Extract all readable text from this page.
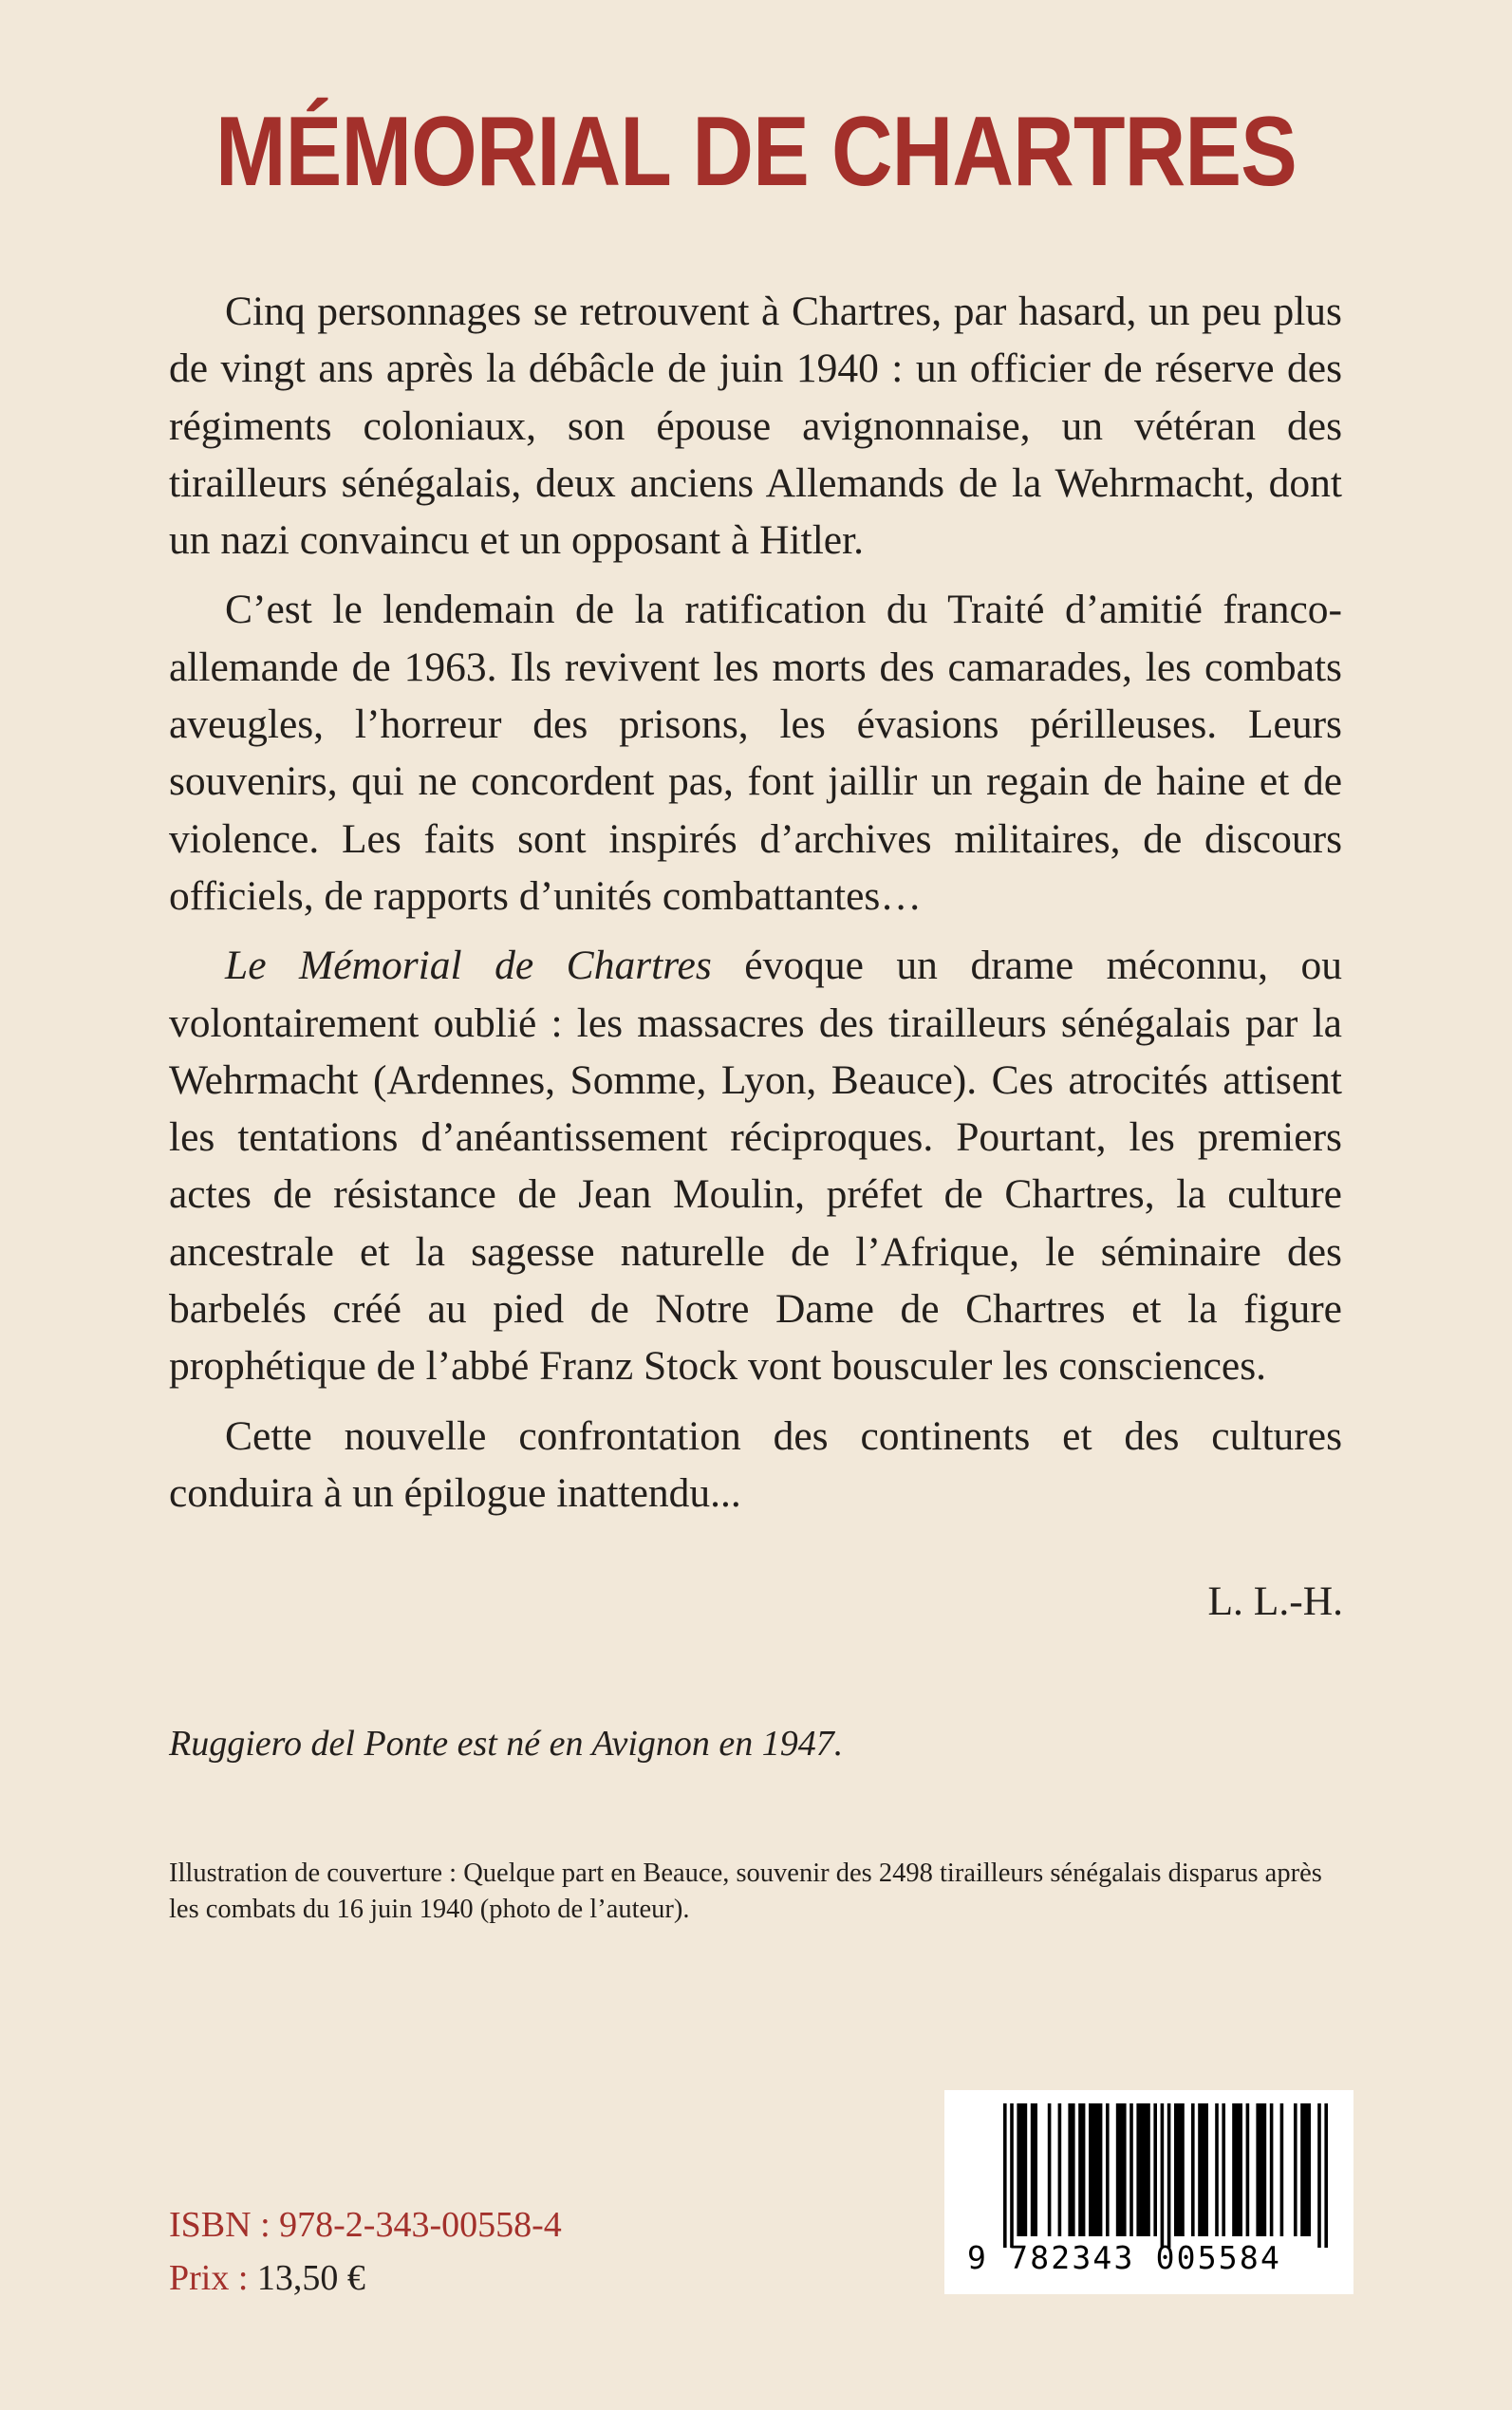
MÉMORIAL DE CHARTRES

Cinq personnages se retrouvent à Chartres, par hasard, un peu plus de vingt ans après la débâcle de juin 1940 : un officier de réserve des régiments coloniaux, son épouse avignonnaise, un vétéran des tirailleurs sénégalais, deux anciens Allemands de la Wehrmacht, dont un nazi convaincu et un opposant à Hitler.

C’est le lendemain de la ratification du Traité d’amitié franco-allemande de 1963. Ils revivent les morts des camarades, les combats aveugles, l’horreur des prisons, les évasions périlleuses. Leurs souvenirs, qui ne concordent pas, font jaillir un regain de haine et de violence. Les faits sont inspirés d’archives militaires, de discours officiels, de rapports d’unités combattantes…

Le Mémorial de Chartres évoque un drame méconnu, ou volontairement oublié : les massacres des tirailleurs sénégalais par la Wehrmacht (Ardennes, Somme, Lyon, Beauce). Ces atrocités attisent les tentations d’anéantissement réciproques. Pourtant, les premiers actes de résistance de Jean Moulin, préfet de Chartres, la culture ancestrale et la sagesse naturelle de l’Afrique, le séminaire des barbelés créé au pied de Notre Dame de Chartres et la figure prophétique de l’abbé Franz Stock vont bousculer les consciences.

Cette nouvelle confrontation des continents et des cultures conduira à un épilogue inattendu...

L. L.-H.
Ruggiero del Ponte est né en Avignon en 1947.
Illustration de couverture : Quelque part en Beauce, souvenir des 2498 tirailleurs sénégalais disparus après les combats du 16 juin 1940 (photo de l’auteur).
ISBN : 978-2-343-00558-4
Prix : 13,50 €
9 782343 005584
